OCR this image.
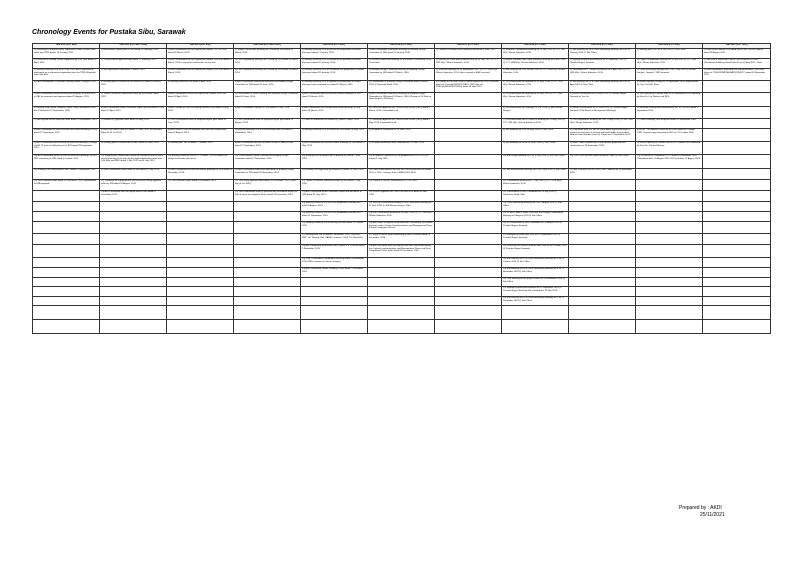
Chronology Events for Pustaka Sibu, Sarawak
Year 2011 (LOT 436)	Year 2012 (LOT 436 / 1654)	Year 2013 (LOT 436)	Year 2014 (LOT 436 / 1657)	Year 2015 (LOT 1657)	Year 2016 (LOT 1657)	Year 2017 (LOT 1657)	Year 2018 (LOT 1657)	Year 2019 (LOT 1657)	Year 2020 (LOT 1657)	Year 2021 (LOT 1657)
1) Konsortium Landskon Untuk Tapak Baru Pelan Pustaka Sibu untuk dari PWD bertkh 15 January, 2011	1) Amendment submission to JKR dated 21 February, 2012.	1) AKDI forwarded new site layout plan (option 1 & 2) to JKR dated 16 March, 2013.	1) Tender Clarification Meeting No.1 called by JKR dated 26 March, 2014.	1) Meeting called by JKR to finalize the preparation of tender document dated 7 January, 2015.	1) AKDI forwarded submission drawing for Building Design Committee to JKR dated 11 January, 2016.	1) Contract Document and Drawing received on 5 June, 2017.	1) Technical Coordination Meeting on 22 Jan, 2018 @ LCT, JKR HQs, Wisma Saberkas, KCH.	1) Site Meeting No.18 & Close Monitoring Meeting No.3 on 15 January 2019 @ Site Office.	1) Meeting with CDC on 8 Jan 2020 @ PWD Sibu.	1) Final Defect Report PUSTAKA SIBU/CDR 1/3/2021 (AKDI) dated 03 August 2021.
2) Extension of Validity Period of Approval by L&S Sibu dated 19 April, 2011.	2) 1st provisional approval letter dated 21 February, 2012.	2) AKDI forwarded new site layout plan (option 3) to JKR dated 22 March, 2013 in regard to confirmation of new site.	2) Price Negotiation Meeting No.1 called by JKR dated 28 March, 2014.	2) Meeting called by JKR to finalize the preparation of tender document dated 20 January, 2015.	2) Revised submission drawing to JKR dated 25 February, 2016. Concluded.	2) Meeting on Consultancy doctrine fee on 25 July, 2017 @ LCT, JKR HQs, Wisma Saberkas, KCH.	2) Built-in Furniture and Loose Furniture Meeting on 4 Mar, 2018 @ LCT, JKR HQs, Wisma Saberkas, KCH.	2) Signage proposal presentation on 25 February, 2019 @ Pustaka Negeri Sarawak.	2) Project Coordination Meeting on 19 Jan 2020 @ LCT, JKR HQs, Wisma Saberkas, KCH.	2) Site Visit & Inspection Prior to The Issuance of CMGD (Certificate of Making Good Defects) on 15 Aug 2021, 10am.
3) Meeting called by JKR on 20 July, 2011. AKDI requested to implement on a alternative negotiation basis for PWD Woodville Jaya Sdn Bhd.	3) Site layout plan submission 7 March, 2012.	3) AKDI forwarded new site layout plan (option 4) to JKR dated 27 March, 2013.	3) Price Negotiation Meeting No.2 called by JKR dated 28 March, 2014.	3) Meeting called by JKR to coordinate the preparation of tender document dated 28 January, 2015.	3) Building Design Committee Meeting at Building Design Committee to JKR dated 22 March, 2016.	3) Technical Meeting on 15 September, 2017 @ LCT, JKR HQs, Wisma Saberkas, KCH. (items related to M&E services).	3) Site Meeting No.1 on 14 Mar, 2018 @ LCT, JKR HQs, Wisma Saberkas, KCH.	3) Finalization of IT Tender Documents on 4 April 2019 @ LCT, JKR HQs, Wisma Saberkas, KCH.	3) Close Monitoring Meeting No.21 on 2 July 2020 @ Wisma Sanyan, Tingkat 9, JKR Sarawak.	3) Mass Handing-in Summary and Statement Area (CSE) JKR letter ref: PWD/SP/B/PRE/6/A/2/(29)/6/PY) dated 16 November 2021.
4) FAN Development Committee Meeting dated 12 August, 2011.	4) Building plan re-submission to Bumiko HQ dated 19 March, 2012.	4) Meeting called by JKR dated 5 April, 2013.	4) AKDI forwarded submission document to Building Design Committee to JKR dated 16 June, 2014.	4) Meeting called by JKR to update the preparation of tender document and estimated cost dated 15 March, 2015.	4) Presentation to Building Design Committee dated 9 March, 2016 @ Riverside Hotel, KCH.	4) Change of Lift: from Vivid to Grace request by PWD Chairman letter ref: Pustaka/2018/1/1/1/A1/1 JKR letter ref: PWD/HQ/B/DB/2017/40(S) dated 26 Sept 2017.	4) 1st Professional fee meeting on 24 May, 2018 @ LCT, JKR HQs, Wisma Saberkas, KCH.	4) Site Meeting No.22 & Close Monitoring Meeting No.9 on 18 April 2019 @ Site Office.	4) Bambu System Testing on 11 September 2020. Represented by City Cast (KD Sibu).	
5) AKDI forwarded revised architectural drawing, SOR and SOP to PAL for comment and approval dated 20 August, 2011.	5) Tender Document Submission letter by JKR dated 5 April, 2012.	5) AKDI forwarded revised site layout plan (option 4) to PHS dated 16 April, 2013.	5) Presentation to State Planning and Building Design Committee dated 18 June, 2014.	5) AKDI forwarded draft architectural tender drawings to JKR dated 25 March, 2015.	5) AKDI forwarded submission drawing to Building Design Committee to JKR dated 21 March, 2016 (Change of 15 Floor to Floor Height to 3500mm).		5) 1st Professional fee meeting on 13 Mar, 2018 @ LCT, JKR HQs, Wisma Saberkas, KCH.	5) Works Presentation on 14 May 2019 @ Pustaka Negeri Sarawak to Yan Sri.	5) Soft Opening of Pustaka Sibu on 14 September 2020 attended by Datu Dr. Lily, Warren and NPS.	
6) Sahnan Pelan Serta Lampiran Tapak Yang Dikaluarkan surat dari PHS bertkh 15 September, 2011.	6) AKDI forwarded tender evaluation report and document to JKR dated 17 April, 2012.	6) AKDI tender to PHS on building platform level dated 28 May, 2013.	6) AKDI forwarded 3 options to JKR dated 25 July, 2014.	6) AKDI forwarded final architectural tender drawings to JKR dated 31 March, 2015.	6) Provisional Approval ref: L&S/SP/SSS-01/SN (Vol 2) dated 5 March, 2016. Forwarded to all.		6) 1st Professional Fee meeting 19 Jun, 2018 @ Sibu Wisma Sanyan.	6) Sunset Presentation on 14 June 2019 @ Pustaka Negeri Sarawak (73rd Board of Management Meeting).	6) Sarawak Kebangsaan Mandulukum No. SP 25/2020 dated 17 September 2020.	
7) PAS agreed and on objection letter dated 14 September, 2011.	7) Bumiko HQ approval letter dated 18 May, 2012.	7) PWD confirmation letter to proposed layout plan dated 20 June, 2013.	7) PWD confirmation letter to proposed layout plan dated 22 August, 2014.	7) Letter of Submission to Bumiko HQ dated 21 April, 2015.	7) Provisional Approval ref: L&S/SP/SSS-01/SN (Vol 2) dated 5 May, 2016. Forwarded to all.		7) 1st Professional Fee & Close Lift meeting on 31 May, 2018 @ LCT, JKR HQs, Wisma Saberkas, KCH.	7) Price Negotiation meeting No.1 on 11 May 2019 @ PWD, JKR HQs, Wisma Saberkas, KCH.	7) Council Building Plan response dated 25 September 2020.	
8) AKDI forwarded the latest architectural tender drawings to JKR dated 27 September, 2011.	8) Base site notice from JKR dated 12 June, 2012 via facsimile. (New lot 14 Jul 2012)	8) AKDI letter to PHS on platform level and new requirement dated 1 August, 2013.	8) Meeting called by JKR to review design and cost dated 3 September, 2014.	8) Meeting called by JKR to review the cost dated 14 May, 2015.	8) BOMBA SP submitted on 14 June, 2016.		8) Site Meeting No.2 on 24 May, 2018 @ Site Office.	8) Comments from PN Tan Sri Datuk Amar Haj Hamid Bugo in regards to front view in parapet wall and Double ring-shaped Bronze Daba Wooden cover @ Cabert on 12 September 2019.	8) Ri-urt - Occupation Permit No.32/2020 (dated 6h October 2020. Original copy forwarded to PHS on 14 October 2020.	
9) AKDI forwarded partial revised architectural drawings (Change of BIG 12 units to Utility House) to JKR dated 29 September, 2011.	9) Building plan re-submission to SMC dated 18 June, 2012.	9) Meeting with Tan Sri dated 7 October, 2013.	9) AKDI forwarded site plan (Inclusive Phase 2 work) to JKR dated 17 September, 2014.	9) AKDI forwarded architectural tender drawings to JKR dated 15 May, 2015.	9) BOMBA clarification letter submitted on 23 June, 2016.		9) Site Meeting No.3a on 28 June, 2018 @ Site Office.	9) Minor 7 AKDI replied item 8 with options proposed and clarification on 26 September 2019.	9) Grand Opening of Pustaka Sibu on 21 October 2020. Attended by Datu Sri, Lily and Sharon.	
10) AKDI forwarded partial revised architectural drawings (as per PHS comment) to JKR dated 5 October, 2011.	10) Building plan submission cannot be considered due to latest overall planning of the area by the Higher Authorities letter from L&S Sibu and SMC dated 1 July, 2012 and 6 July, 2012.	10) Meeting called by JKR on 17 October, 2013 to finalize the design and tender document.	10) Presentation to State Planning and Building Design Committee dated 17 November, 2014.	10) Building Plan re-submission to Bumiko HQ dated 2 June, 2015.	10) BOMBA SP approved ref: BOMBA/SRK/SP-SU 1/1/1/15/1 dated 01 July 2016.		10) EIA Design Meeting No.1 on 6 July 2018 @ JKR Sibu Office.	10) PWD issue positive implementation of ABI on Sibu Office.	10) Certificate of Completion (CPC) dated 20 November 2020. Completion date: 10 August 2020. ELP end date: 11 August 2021.	
11) Building Plan submission to SMC dated 21 November, 2011.	11) AKDI forwarded review letter to JKR dated 24 July, 2012.	11) AKDI forwarded architectural tender drawings to JKR dated 26 November, 2013.	11) AKDI forwarded submission document to Building Design Committee to JKR dated 26 November, 2014.	11) Building Plan approved by Bumiko HQ dated 15 June, 2015.	11) Letter of Acceptance by JKR ref: PWD/HQ/B/DB/2016 dated 28 Oct, 2016. Contract Sum = RM49,108,136.00.		11) Site Infrastructure Meeting No.1 on 9 July 2018 @ Site Office.	11) Site Visit with Tan Sri, PWD, SMC, SAHNS on 10 December 2019.		
12) L&S comment letter dated 15 December, 2011 - Amendment to SPA required.	12) Quotation for topographical and structural survey approval letter by JKR dated 24 August, 2012.	12) JKR comment letter dated 5 December, 2013.	12) JKR sitting approval letter dated 18 December, 2014. (New Site at Lot 1657).	12) Tender Document submission letter by JKR dated 7 July, 2015.	12) Council & L&S BP submitted on 21 Oct, 2016.		12) Coordination Meeting on 17 July 2018 @ LCT, JKR HQs, Wisma Saberkas, KCH.			
	13) AKDI forwarded new site layout plan to JKR dated 27 December, 2012.		13) JKR confirmation letter to proceed with Evaluation Report on Sub-Surface Investigation Works dated 24 December, 2014.	13) AKDI forwarded tender evaluation report and document to JKR dated 31 July, 2015.	13) L&S BP approval ref: L/SP/130/SSS/2016 dated 28 Nov, 2016.		13) Presentation to PHS Committee on 19 July 2018 @ Sarakshee Hotel, Sibu.			
				14) Meeting called by JKR for Price Negotiation Meeting No.1 dated 5 August, 2015.	14) Service Coordination Meeting & Pre-Consruction Meeting on 21 Nov, 2016 @ JKR Wisma Sanyan, Sibu.		14) Close Monitoring Meeting No.2 on 2 August 2018 @ Site Office.			
				15) Meeting called by JKR for Price Negotiation Meeting No.2 dated 11 September, 2015.	15) Pre-Construction Meeting on 30 Nov, 2016 @ LCT, JKR HQs, Wisma Saberkas, KCH.		15) ID, Arch, SARG, M&E, PHS and JKR Design Coordination Meeting on 6 August 2018 @ Site Office.			
				16) Meeting called by JKR for pricing revision dated 22 October, 2015.	16) AKDI letter in regards to Architectural Consultancy Fee (Block Services under Contract Implementation and Management Phase & Final Completion Phase).		16) ID Presentation to PHS Committee on 29 August 2018 @ Pustaka Negeri Sarawak.			
				17) Meeting with Tan Sri dated 2 November, 2015. (Datu Sri, SMC, Mr. Stanley Chai, SAHN, Laurence Chieh, Pn. Rachelle).	17) Reply of officer letter responding to item 16 above dated 29 December, 2016.		17) Emergency review with PHS on 25 September 2018 @ Pustaka Negeri Sarawak.			
				18) AKDI forwarded draft tender with (Option 4 & 5) review dated 9 November, 2015.	18) AKDI accepted offer and replied with rules and duties during the Contract Implementation and Management Phase and Final Completion Phase, letter dated 22 December, 2016.		18) Discussion on Loose Furniture with PHS on 4th October 2018 @ Pustaka Negeri Sarawak.			
				19) PNS / Consultant Coordination Meeting dated 24 November, 2015 (PNS comment on latest changes).			19) Site Meeting No.13 & Close Monitoring Meeting No.5 on 15 October 2018 @ Site Office.			
				20) AKDI forwarded Tender Drawing to JKR dated 7 December, 2015.			20) Site Meeting No.14 & Close Monitoring Meeting No.6 on 15 November 2018 @ Site Office.			
							21) PNS meeting on the project status on 20 November 2018 @ Site Office.			
							22) Signage proposal presentation on 15 November 2018 @ Pustaka Negeri Sarawak. Re-scheduled to 26 Nov 2018.			
							23) Site Meeting No.15 & Close Monitoring Meeting No.7 on 13 December 2018 @ Site Office.			

Prepared by : AKDI
25/11/2021
